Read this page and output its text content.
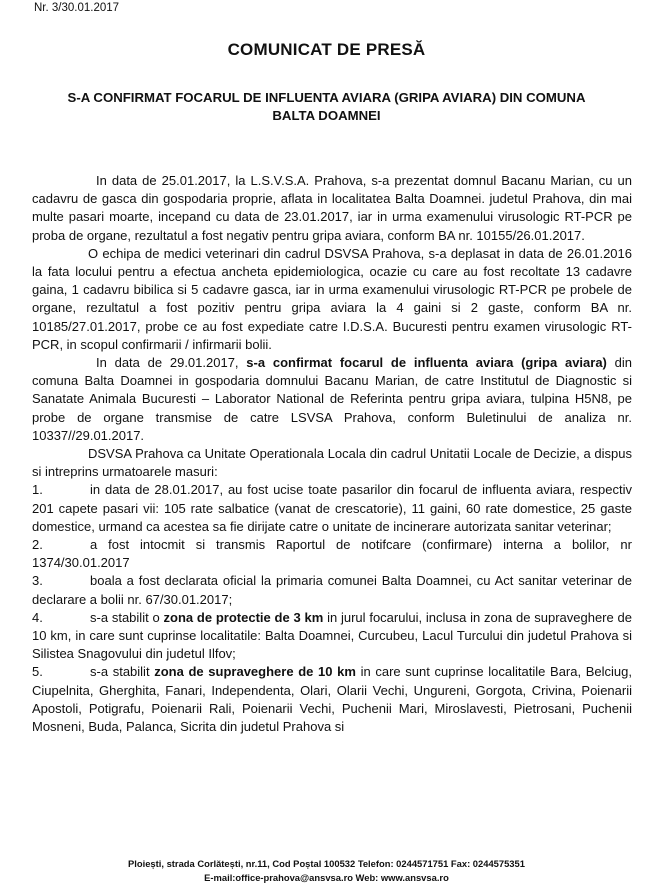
Nr. 3/30.01.2017
COMUNICAT DE PRESĂ
S-A CONFIRMAT FOCARUL DE INFLUENTA AVIARA (GRIPA AVIARA) DIN COMUNA
BALTA DOAMNEI

In data de 25.01.2017, la L.S.V.S.A. Prahova, s-a prezentat domnul Bacanu Marian, cu un cadavru de gasca din gospodaria proprie, aflata in localitatea Balta Doamnei. judetul Prahova, din mai multe pasari moarte, incepand cu data de 23.01.2017, iar in urma examenului virusologic RT-PCR pe proba de organe, rezultatul a fost negativ pentru gripa aviara, conform BA nr. 10155/26.01.2017.

O echipa de medici veterinari din cadrul DSVSA Prahova, s-a deplasat in data de 26.01.2016 la fata locului pentru a efectua ancheta epidemiologica, ocazie cu care au fost recoltate 13 cadavre gaina, 1 cadavru bibilica si 5 cadavre gasca, iar in urma examenului virusologic RT-PCR pe probele de organe, rezultatul a fost pozitiv pentru gripa aviara la 4 gaini si 2 gaste, conform BA nr. 10185/27.01.2017, probe ce au fost expediate catre I.D.S.A. Bucuresti pentru examen virusologic RT-PCR, in scopul confirmarii / infirmarii bolii.

In data de 29.01.2017, s-a confirmat focarul de influenta aviara (gripa aviara) din comuna Balta Doamnei in gospodaria domnului Bacanu Marian, de catre Institutul de Diagnostic si Sanatate Animala Bucuresti – Laborator National de Referinta pentru gripa aviara, tulpina H5N8, pe probe de organe transmise de catre LSVSA Prahova, conform Buletinului de analiza nr. 10337//29.01.2017.

DSVSA Prahova ca Unitate Operationala Locala din cadrul Unitatii Locale de Decizie, a dispus si intreprins urmatoarele masuri:

1.	in data de 28.01.2017, au fost ucise toate pasarilor din focarul de influenta aviara, respectiv 201 capete pasari vii: 105 rate salbatice (vanat de crescatorie), 11 gaini, 60 rate domestice, 25 gaste domestice, urmand ca acestea sa fie dirijate catre o unitate de incinerare autorizata sanitar veterinar;

2.	a fost intocmit si transmis Raportul de notifcare (confirmare) interna a bolilor, nr 1374/30.01.2017

3.	boala a fost declarata oficial la primaria comunei Balta Doamnei, cu Act sanitar veterinar de declarare a bolii nr. 67/30.01.2017;

4.	s-a stabilit o zona de protectie de 3 km in jurul focarului, inclusa in zona de supraveghere de 10 km, in care sunt cuprinse localitatile: Balta Doamnei, Curcubeu, Lacul Turcului din judetul Prahova si Silistea Snagovului din judetul Ilfov;

5.	s-a stabilit zona de supraveghere de 10 km in care sunt cuprinse localitatile Bara, Belciug, Ciupelnita, Gherghita, Fanari, Independenta, Olari, Olarii Vechi, Ungureni, Gorgota, Crivina, Poienarii Apostoli, Potigrafu, Poienarii Rali, Poienarii Vechi, Puchenii Mari, Miroslavesti, Pietrosani, Puchenii Mosneni, Buda, Palanca, Sicrita din judetul Prahova si

Ploiești, strada Corlătești, nr.11, Cod Poștal 100532 Telefon: 0244571751 Fax: 0244575351
E-mail:office-prahova@ansvsa.ro Web: www.ansvsa.ro
